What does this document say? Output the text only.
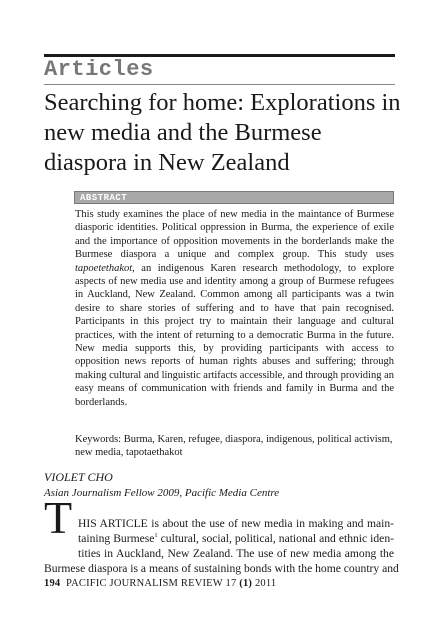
Articles
Searching for home: Explorations in new media and the Burmese diaspora in New Zealand
ABSTRACT

This study examines the place of new media in the maintance of Burmese diasporic identities. Political oppression in Burma, the experience of exile and the importance of opposition movements in the borderlands make the Burmese diaspora a unique and complex group. This study uses tapoetethakot, an indigenous Karen research methodology, to explore aspects of new media use and identity among a group of Burmese refugees in Auckland, New Zealand. Common among all participants was a twin desire to share stories of suffering and to have that pain recognised. Participants in this project try to maintain their language and cultural practices, with the intent of returning to a democratic Burma in the future. New media supports this, by providing participants with access to opposition news reports of human rights abuses and suffering; through making cultural and linguistic artifacts accessible, and through providing an easy means of communication with friends and family in Burma and the borderlands.

Keywords: Burma, Karen, refugee, diaspora, indigenous, political activism, new media, tapotaethakot

VIOLET CHO

Asian Journalism Fellow 2009, Pacific Media Centre

T HIS ARTICLE is about the use of new media in making and main-
taining Burmese$^1$ cultural, social, political, national and ethnic iden-
tities in Auckland, New Zealand. The use of new media among the
Burmese diaspora is a means of sustaining bonds with the home country and
194 PACIFIC JOURNALISM REVIEW 17 (1) 2011
